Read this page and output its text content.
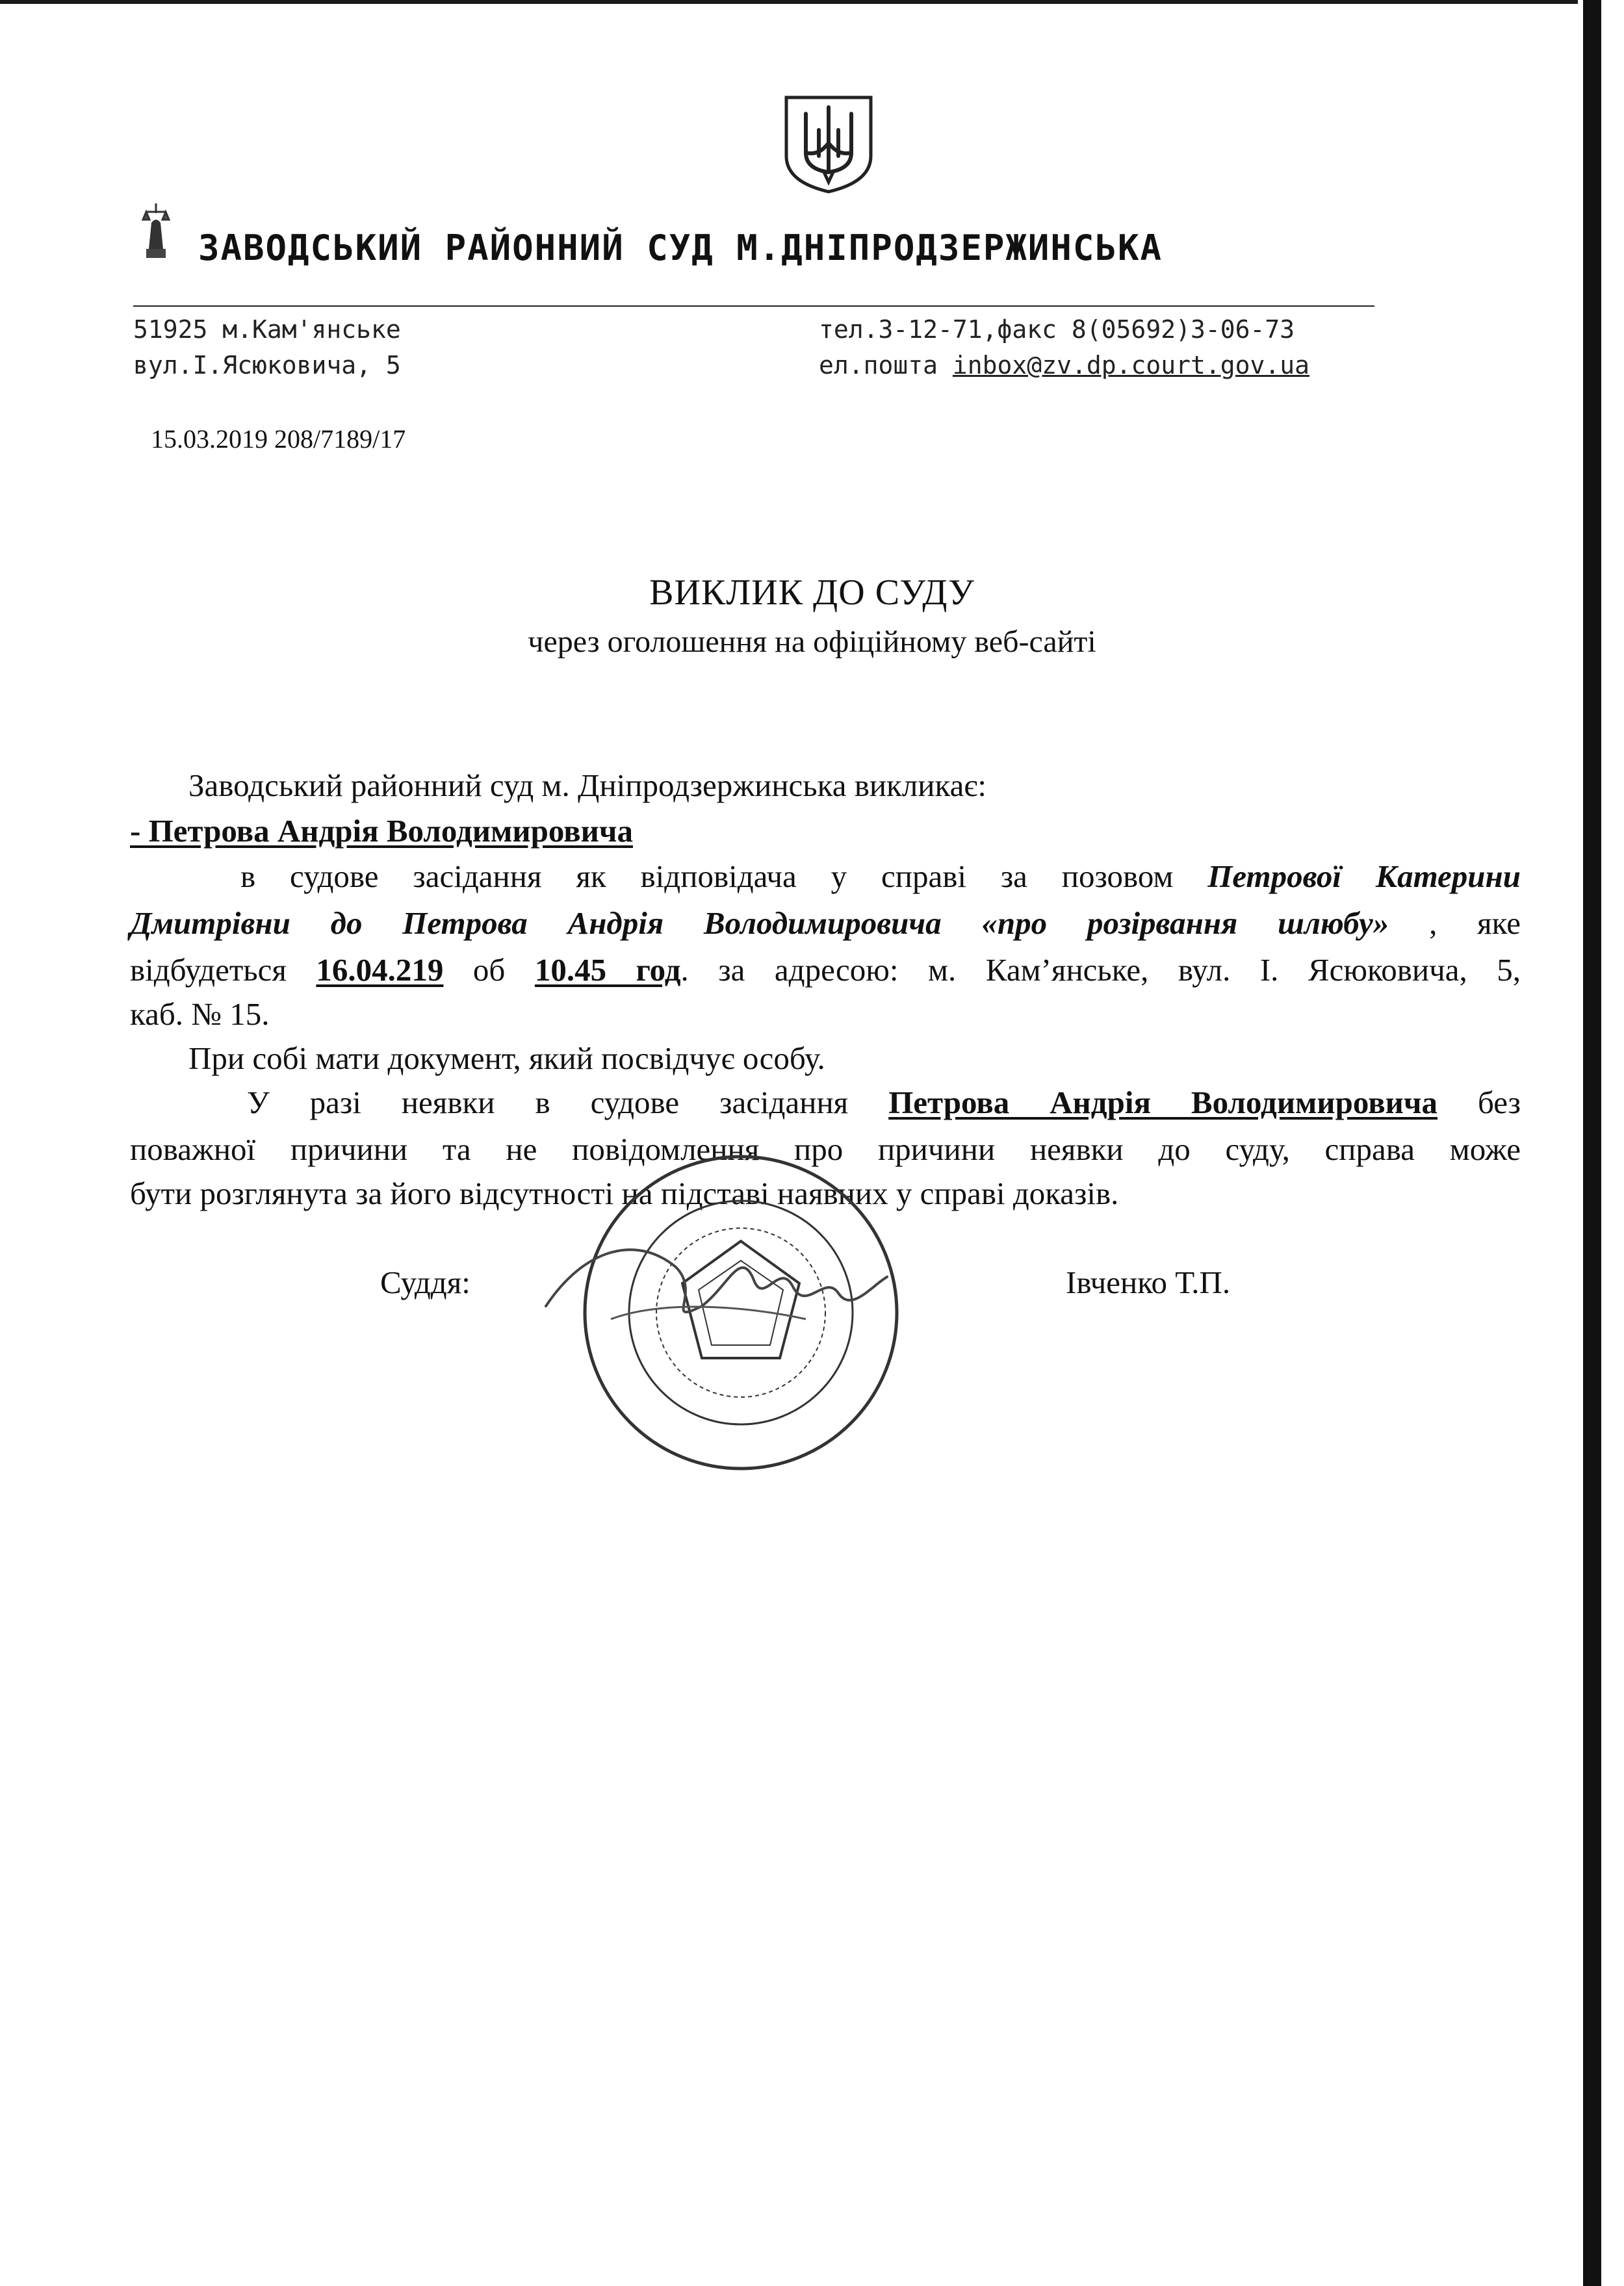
ЗАВОДСЬКИЙ РАЙОННИЙ СУД М.ДНІПРОДЗЕРЖИНСЬКА
51925 м.Кам'янське
вул.І.Ясюковича, 5
тел.3-12-71,факс 8(05692)3-06-73
ел.пошта inbox@zv.dp.court.gov.ua
15.03.2019 208/7189/17
ВИКЛИК ДО СУДУ
через оголошення на офіційному веб-сайті
Заводський районний суд м. Дніпродзержинська викликає:
- Петрова Андрія Володимировича
в судове засідання як відповідача у справі за позовом Петрової Катерини
Дмитрівни до Петрова Андрія Володимировича «про розірвання шлюбу» , яке
відбудеться 16.04.219 об 10.45 год. за адресою: м. Кам’янське, вул. І. Ясюковича, 5,
каб. № 15.
При собі мати документ, який посвідчує особу.
У разі неявки в судове засідання Петрова Андрія Володимировича без
поважної причини та не повідомлення про причини неявки до суду, справа може
бути розглянута за його відсутності на підставі наявних у справі доказів.
Суддя:	Івченко Т.П.
